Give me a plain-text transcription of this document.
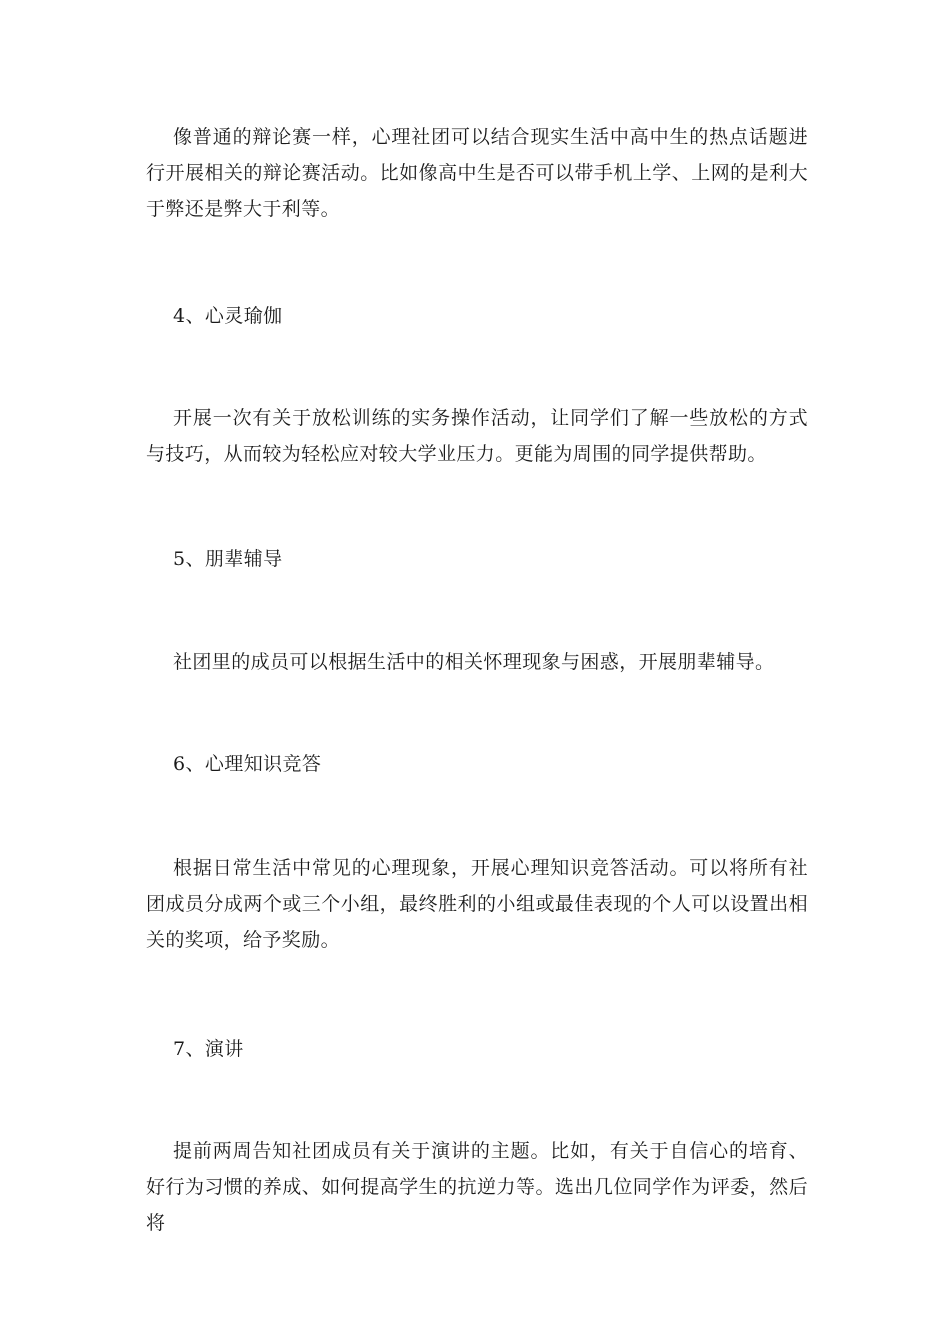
像普通的辩论赛一样，心理社团可以结合现实生活中高中生的热点话题进行开展相关的辩论赛活动。比如像高中生是否可以带手机上学、上网的是利大于弊还是弊大于利等。

4、心灵瑜伽

开展一次有关于放松训练的实务操作活动，让同学们了解一些放松的方式与技巧，从而较为轻松应对较大学业压力。更能为周围的同学提供帮助。

5、朋辈辅导

社团里的成员可以根据生活中的相关怀理现象与困惑，开展朋辈辅导。

6、心理知识竞答

根据日常生活中常见的心理现象，开展心理知识竞答活动。可以将所有社团成员分成两个或三个小组，最终胜利的小组或最佳表现的个人可以设置出相关的奖项，给予奖励。

7、演讲

提前两周告知社团成员有关于演讲的主题。比如，有关于自信心的培育、好行为习惯的养成、如何提高学生的抗逆力等。选出几位同学作为评委，然后将
